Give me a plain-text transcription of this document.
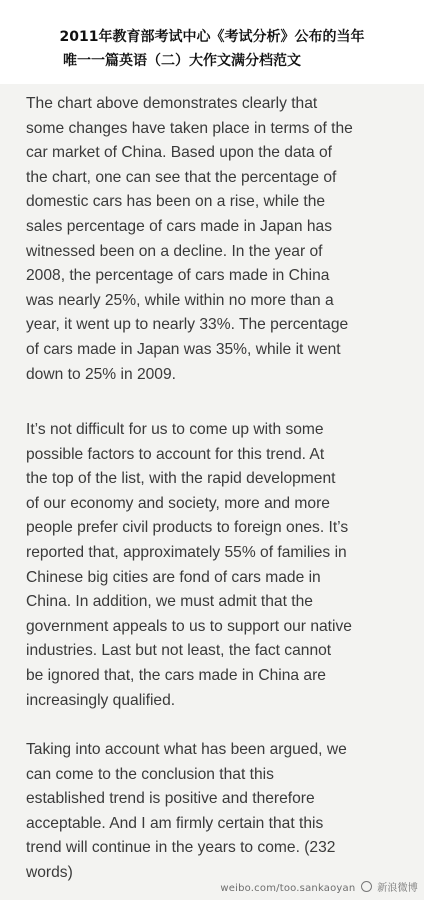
2011年教育部考试中心《考试分析》公布的当年
唯一一篇英语（二）大作文满分档范文

The chart above demonstrates clearly that
some changes have taken place in terms of the
car market of China. Based upon the data of
the chart, one can see that the percentage of
domestic cars has been on a rise, while the
sales percentage of cars made in Japan has
witnessed been on a decline. In the year of
2008, the percentage of cars made in China
was nearly 25%, while within no more than a
year, it went up to nearly 33%. The percentage
of cars made in Japan was 35%, while it went
down to 25% in 2009.

It’s not difficult for us to come up with some
possible factors to account for this trend. At
the top of the list, with the rapid development
of our economy and society, more and more
people prefer civil products to foreign ones. It’s
reported that, approximately 55% of families in
Chinese big cities are fond of cars made in
China. In addition, we must admit that the
government appeals to us to support our native
industries. Last but not least, the fact cannot
be ignored that, the cars made in China are
increasingly qualified.

Taking into account what has been argued, we
can come to the conclusion that this
established trend is positive and therefore
acceptable. And I am firmly certain that this
trend will continue in the years to come. (232
words)

weibo.com/too.sankaoyan 新浪微博
